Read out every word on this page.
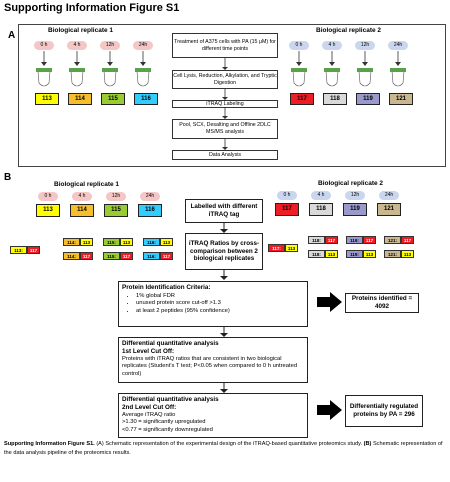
Supporting Information Figure S1
A	Biological replicate 1	Biological replicate 2
0 h	4 h	12h	24h	0 h	4 h	12h	24h
113	114	115	116	117	118	119	121
Treatment of A375 cells with PA (15 μM) for different time points
Cell Lysis, Reduction, Alkylation, and Tryptic Digestion
iTRAQ Labeling
Pool, SCX, Desalting and Offline 2DLC MS/MS analysis
Data Analysis
B
Biological replicate 1	Biological replicate 2
0 h	4 h	12h	24h	0 h	4 h	12h	24h
113	114	115	116	117	118	119	121
Labelled with different iTRAQ tag
iTRAQ Ratios by cross-comparison between 2 biological replicates
113:	117
114:	113
114:	117
115:	113
115:	117
116:	113
116:	117
117:	113
118:	117
118:	113
119:	117
119:	113
121:	117
121:	113
Protein Identification Criteria:
• 1% global FDR
• unused protein score cut-off >1.3
• at least 2 peptides (95% confidence)
Proteins identified = 4092
Differential quantitative analysis
1st Level Cut Off:
Proteins with iTRAQ ratios that are consistent in two biological replicates (Student's T test; P<0.05 when compared to 0 h untreated control)
Differential quantitative analysis
2nd Level Cut Off:
Average iTRAQ ratio
>1.30 = significantly upregulated
<0.77 = significantly downregulated
Differentially regulated proteins by PA = 296
Supporting Information Figure S1. (A) Schematic representation of the experimental design of the iTRAQ-based quantitative proteomics study. (B) Schematic representation of the data analysis pipeline of the proteomics results.
